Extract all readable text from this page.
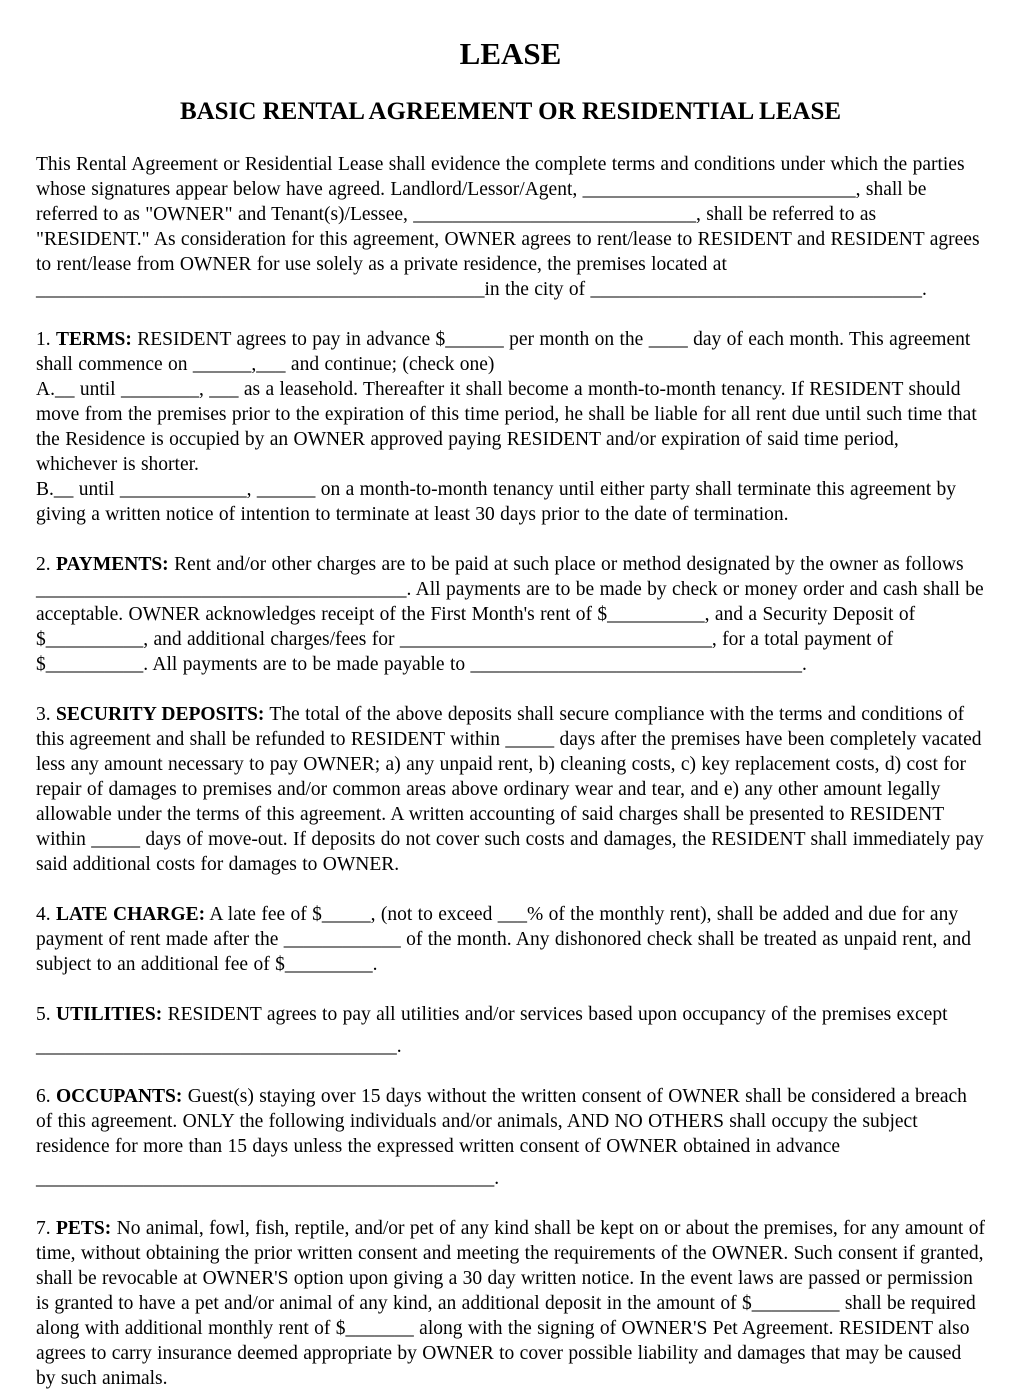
LEASE
BASIC RENTAL AGREEMENT OR RESIDENTIAL LEASE

This Rental Agreement or Residential Lease shall evidence the complete terms and conditions under which the parties whose signatures appear below have agreed. Landlord/Lessor/Agent, ____________________________, shall be referred to as "OWNER" and Tenant(s)/Lessee, _____________________________, shall be referred to as "RESIDENT." As consideration for this agreement, OWNER agrees to rent/lease to RESIDENT and RESIDENT agrees to rent/lease from OWNER for use solely as a private residence, the premises located at ______________________________________________in the city of __________________________________.

1. TERMS: RESIDENT agrees to pay in advance $______ per month on the ____ day of each month. This agreement shall commence on ______,___ and continue; (check one)
A.__ until ________, ___ as a leasehold. Thereafter it shall become a month-to-month tenancy. If RESIDENT should move from the premises prior to the expiration of this time period, he shall be liable for all rent due until such time that the Residence is occupied by an OWNER approved paying RESIDENT and/or expiration of said time period, whichever is shorter.
B.__ until _____________, ______ on a month-to-month tenancy until either party shall terminate this agreement by giving a written notice of intention to terminate at least 30 days prior to the date of termination.

2. PAYMENTS: Rent and/or other charges are to be paid at such place or method designated by the owner as follows ______________________________________. All payments are to be made by check or money order and cash shall be acceptable. OWNER acknowledges receipt of the First Month's rent of $__________, and a Security Deposit of $__________, and additional charges/fees for ________________________________, for a total payment of $__________. All payments are to be made payable to __________________________________.

3. SECURITY DEPOSITS: The total of the above deposits shall secure compliance with the terms and conditions of this agreement and shall be refunded to RESIDENT within _____ days after the premises have been completely vacated less any amount necessary to pay OWNER; a) any unpaid rent, b) cleaning costs, c) key replacement costs, d) cost for repair of damages to premises and/or common areas above ordinary wear and tear, and e) any other amount legally allowable under the terms of this agreement. A written accounting of said charges shall be presented to RESIDENT within _____ days of move-out. If deposits do not cover such costs and damages, the RESIDENT shall immediately pay said additional costs for damages to OWNER.

4. LATE CHARGE: A late fee of $_____, (not to exceed ___% of the monthly rent), shall be added and due for any payment of rent made after the ____________ of the month. Any dishonored check shall be treated as unpaid rent, and subject to an additional fee of $_________.

5. UTILITIES: RESIDENT agrees to pay all utilities and/or services based upon occupancy of the premises except

_____________________________________.

6. OCCUPANTS: Guest(s) staying over 15 days without the written consent of OWNER shall be considered a breach of this agreement. ONLY the following individuals and/or animals, AND NO OTHERS shall occupy the subject residence for more than 15 days unless the expressed written consent of OWNER obtained in advance

_______________________________________________.

7. PETS: No animal, fowl, fish, reptile, and/or pet of any kind shall be kept on or about the premises, for any amount of time, without obtaining the prior written consent and meeting the requirements of the OWNER. Such consent if granted, shall be revocable at OWNER'S option upon giving a 30 day written notice. In the event laws are passed or permission is granted to have a pet and/or animal of any kind, an additional deposit in the amount of $_________ shall be required along with additional monthly rent of $_______ along with the signing of OWNER'S Pet Agreement. RESIDENT also agrees to carry insurance deemed appropriate by OWNER to cover possible liability and damages that may be caused by such animals.
